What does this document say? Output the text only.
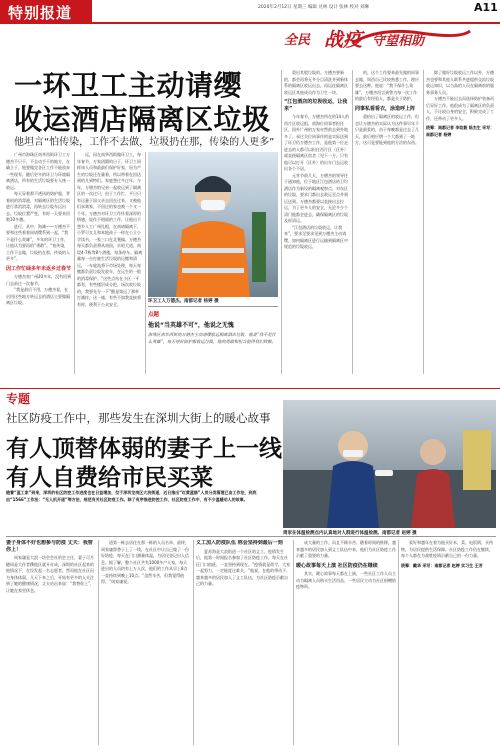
特别报道	2020年2月12日 星期三 编辑 兑林 设计 张林 校对 刘琳	A11
全民 战疫 守望相助
一环卫工主动请缨
收运酒店隔离区垃圾
他坦言“怕传染，工作不去做，垃圾扔在那，传染的人更多”

广州市海珠区南华西街环卫工万德杰不只干，不去动手干的地方，在确立于，他要做完各区工作不能放弃一些现有。随后更多的环卫与环境隔离酒店，所有的生活垃圾要专人统一收运。

每天穿着那不透风的防护服，背着机的消毒液，对隔离区的生活垃圾进行杀消消毒，再转去垃圾车运出去。垃圾位置严变，有时一天要来回数10多趟。

进行，从中，海滩——万德杰不要和这些着着同请缨系到一起，“我不是什么英雄”，多年的环卫工作，让他认为要再的“勇敢”。“怕传染，工作不去做，垃圾扔在那，传染的人更多”。

因工作忙碌多年未返乡过春节

万德杰来广州20多年，没有回到门去前过一次春节。

“我是最后不用，万德杰说，在启用这些地方转运去的酒店主要做隔离区垃圾。

远，因在南华西街做环卫工，每年春节，万家团圆的日子，环卫工同样该人员和最最们保护好家，因为产生的垃圾还在量着，所以带着在回达到的儿到特们。家庭想过多过年。今年，万德杰的兄弟一起收运到了隔离区的一次过只，由于工作忙，平日只有运量于国父亲去回在过来，又被他们承离家，不回过的家也被一个又一个年。万德杰对环卫工作怀着深厚的情感，说作不相面的工作，让他出不想乡人工广州扎根，在南诸隔离下，小罗可女儿和本地孩子一样在公立小学读书，一家三口在北裹搞。万德杰每天都负责将从南国，京昭大道，南堤4-7栋等8个酒楼，每条停车、隔离量每一台打雇生活垃圾的运搬和清运，一车轮流将下市场处理，每天每搬都负责垃圾发收车，在运生的一般的消毒保护。“这些点站在小区一平都有，有些楼层成分把，场次收垃圾的，我要先分一下”酷是第运了那杯打溅拌，这一箱，有些不如我直接将有时，便利于公众安全。	环卫工人万德杰。南都记者 杨婷 摄
点题
他说“当英雄不可”，他说之无愧
海珠区南华西街的万德杰主动请缨收运隔离酒店垃圾，他说“我不是什么英雄”，每天穿好防护服收运垃圾，他的勇敢和担当值得我们致敬。

重出其般垃圾的，万德杰要新的，都会再将无多分目清洗并到新体系的隔离区收运出去，再运往隔离区收运区其他成员作为卫生一块。

“江包酒店的垃圾收运，让我来”

今年春节，万德杰所在的14人的西片区收运组，南海位同事者担任区，国外广州的万家亦然前去到外地多了，承过关位同事作的是实际送到了环卫仍万德杰工作，是他第一位走进去的人都可以担任西片区（区外）或直接隔离区宿舍（见下一方，只有他可以打开（区外）的出车门去运收出各个不居。

元宵节前几天，万德杰的领导任于通知他，位于地区江包酒店的卫均酒店作为新设的隔离观察点，对东区的垃圾，要求门都出去收运至点并到运送到。万德杰都要以直接出去拉运，为了更多人的安全，无论多少个清门他都会进去，确保隔离区的垃圾及时清运。

“江包酒店的垃圾收运，让我来”，要求至要求见到万德杰主动请缨，如何隔离区进行运输到隔离区中规范的垃圾收运。

的，这个工作要来最先做的同事去做，周西自己比较熟悉工作，理应要去这种。他说：“我不保什么英雄”，万德杰坦言到曾为每一次工作的最后有经验人，都是关于防护。

同事私看看衣，涂造呼上阵

重拾出了隔离区的收运工作，但也让万德杰的实际认为这件事早年不只是最爱的，由于每晚都是过去了几天，最后相应增一个大都到了一地方，这可是要能到他的方法的东西。

除了做好垃圾收运工作以外，万德杰也要和其他人联系共进提供交流垃圾收运知识，以当高的人员在隔离前的服务事务人员。

万德杰不能出去而选择防护装备而后穿好工作。他很成为了隔离区的负责人，不计较自身的安全，积极完成了工作，还带动了更多人。

统筹：南都记者 李竑毅 陈杰生 采写：南都记者 杨婷
专题
社区防疫工作中，那些发生在深圳大街上的暖心故事
有人顶替体弱的妻子上一线
有人自费给市民买菜
周家在体温检测点内认真地对人群进行体温检测。南都记者 赵婷 摄
随着“蓝工家”到来，深圳的社区防控工作进度也在日益增加，位于深圳龙岗区大浪街道，近日推出“红黄蓝绿”人员分类管理已由工作法，到底由“1566”工作法：“无人机开道”等方法，规范有关社区防疫工作。除了有序推进防控工作，社区防疫工作中，有不少温暖动人的故事。
妻子身体不好也想参与防疫 丈夫：我替你上！

周家谦是大浪一坊会会社的会主任，妻子可月随同是大作者撰他区就开社成，深圳的社区起来的他情况下，在设发起一名志愿者，然而他在社区因为身体体弱，几天下来之后，开始有更多的人关注到了她的健康情况，丈夫站出来说：“我替你上”，让她在家里休息。

道第一栋去居住在那一栋的人员名单。最终，周家谦辞替子上了一线，在社区中让自己做了一份好防疫，每天在门口测量体温，为居民登记出入信息。据了解，整个社区共有1000多户人家，每天进出的人员约有上万人次，他们的工作从早上8点一直持续到晚上10点。“虽然辛苦，但我觉得值得。”周家谦说。

义工加入防疫队伍 称会坚持到最后一刻

夏苏海是大浪街道一个社区的义工，疫情发生后，他第一时间报名参加了社区防疫工作，每天在社区门口值班，一直坚持到现在。“疫情就是命令，大家一起努力，一定能度过难关。”他说。在他的带动下，越来越多的居民加入了义工队伍，为社区防疫贡献自己的力量。

成大量的工作，而且不顾辛苦。随着时间的推移，越来越多的居民加入到义工队伍中来，他们为社区防疫工作贡献了重要的力量。

暖心故事每天上演 社区防疫仍在继续

其实，暖心故事每天都在上演，一些社区工作人员主动为隔离人员购买生活用品，一些居民主动为社区捐赠防疫物资。

爱好和越年在着为他买好米，菜、电饭锅，买药物，为居民提供生活保障。社区防疫工作仍在继续，每个人都在为战胜疫情贡献自己的一份力量。

统筹：戴华 采写：南都记者 赵婷 实习生 王芳
